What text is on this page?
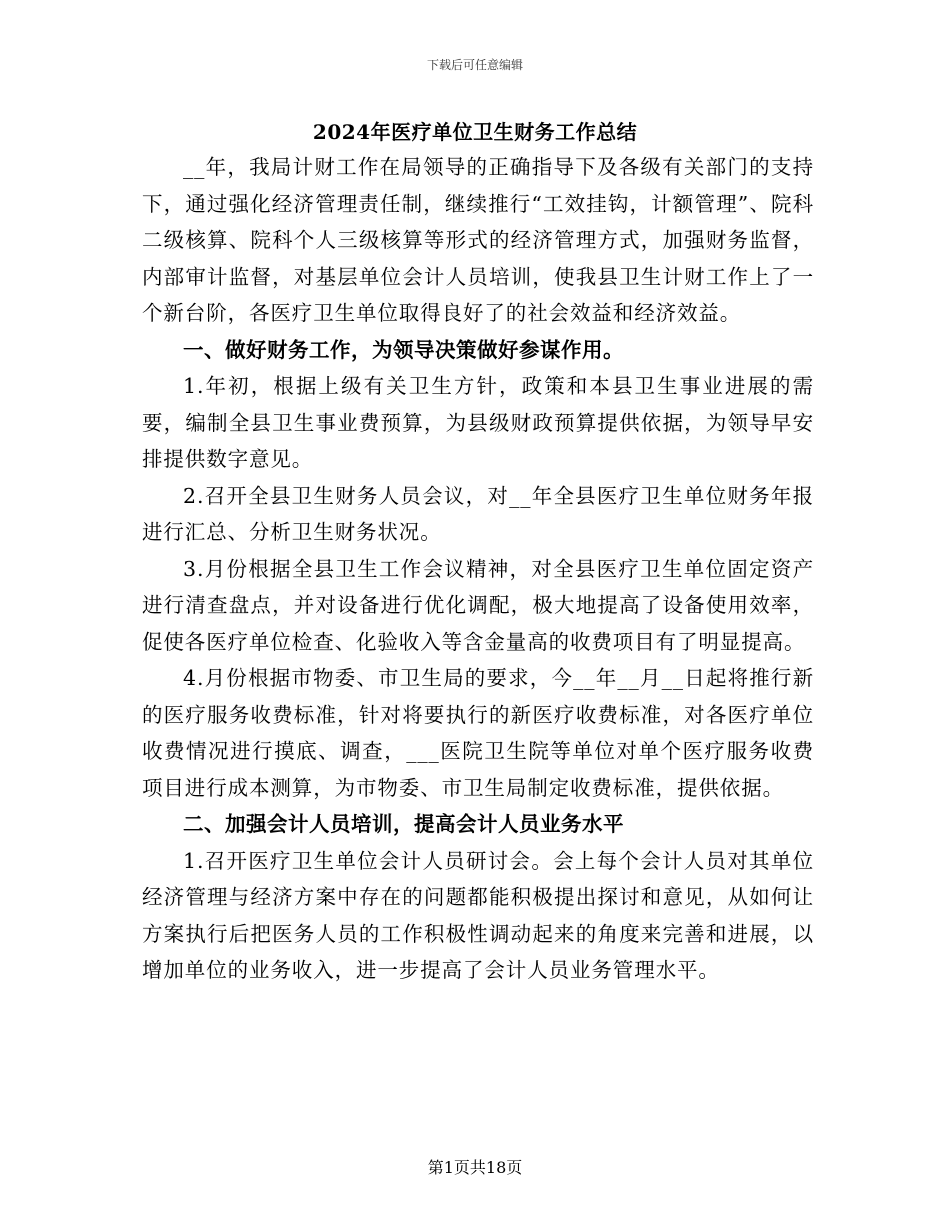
下载后可任意编辑
2024年医疗单位卫生财务工作总结

__年，我局计财工作在局领导的正确指导下及各级有关部门的支持下，通过强化经济管理责任制，继续推行“工效挂钩，计额管理”、院科二级核算、院科个人三级核算等形式的经济管理方式，加强财务监督，内部审计监督，对基层单位会计人员培训，使我县卫生计财工作上了一个新台阶，各医疗卫生单位取得良好了的社会效益和经济效益。

一、做好财务工作，为领导决策做好参谋作用。

1.年初，根据上级有关卫生方针，政策和本县卫生事业进展的需要，编制全县卫生事业费预算，为县级财政预算提供依据，为领导早安排提供数字意见。

2.召开全县卫生财务人员会议，对__年全县医疗卫生单位财务年报进行汇总、分析卫生财务状况。

3.月份根据全县卫生工作会议精神，对全县医疗卫生单位固定资产进行清查盘点，并对设备进行优化调配，极大地提高了设备使用效率，促使各医疗单位检查、化验收入等含金量高的收费项目有了明显提高。

4.月份根据市物委、市卫生局的要求，今__年__月__日起将推行新的医疗服务收费标准，针对将要执行的新医疗收费标准，对各医疗单位收费情况进行摸底、调查，___医院卫生院等单位对单个医疗服务收费项目进行成本测算，为市物委、市卫生局制定收费标准，提供依据。

二、加强会计人员培训，提高会计人员业务水平

1.召开医疗卫生单位会计人员研讨会。会上每个会计人员对其单位经济管理与经济方案中存在的问题都能积极提出探讨和意见，从如何让方案执行后把医务人员的工作积极性调动起来的角度来完善和进展，以增加单位的业务收入，进一步提高了会计人员业务管理水平。

第1页共18页
